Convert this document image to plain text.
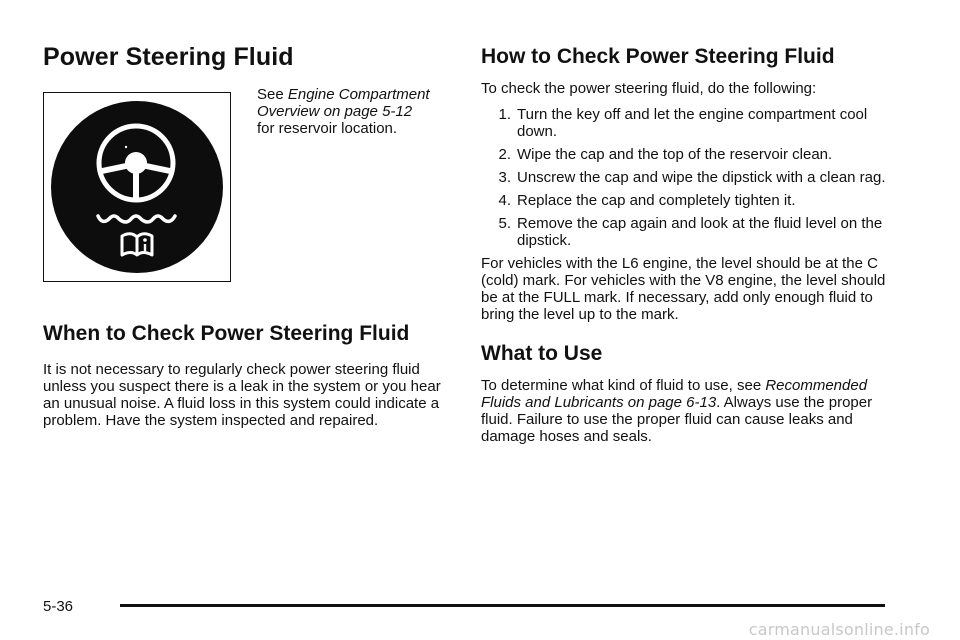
Power Steering Fluid

See Engine Compartment Overview on page 5-12
for reservoir location.

When to Check Power Steering Fluid

It is not necessary to regularly check power steering fluid unless you suspect there is a leak in the system or you hear an unusual noise. A fluid loss in this system could indicate a problem. Have the system inspected and repaired.

How to Check Power Steering Fluid

To check the power steering fluid, do the following:

1. Turn the key off and let the engine compartment cool down.
2. Wipe the cap and the top of the reservoir clean.
3. Unscrew the cap and wipe the dipstick with a clean rag.
4. Replace the cap and completely tighten it.
5. Remove the cap again and look at the fluid level on the dipstick.

For vehicles with the L6 engine, the level should be at the C (cold) mark. For vehicles with the V8 engine, the level should be at the FULL mark. If necessary, add only enough fluid to bring the level up to the mark.

What to Use

To determine what kind of fluid to use, see Recommended Fluids and Lubricants on page 6-13. Always use the proper fluid. Failure to use the proper fluid can cause leaks and damage hoses and seals.

5-36
carmanualsonline.info
